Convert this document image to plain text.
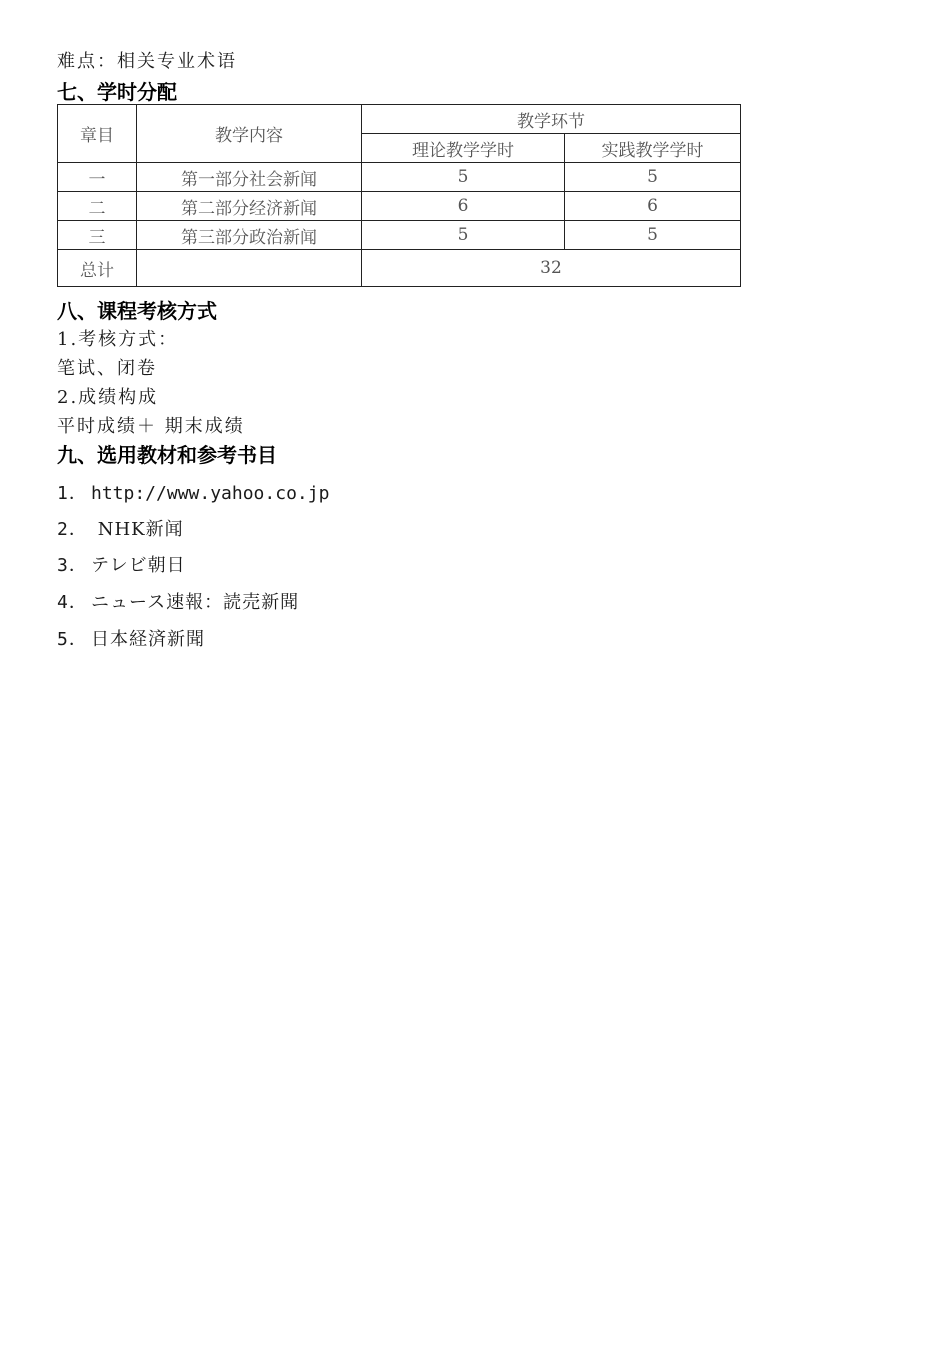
难点：相关专业术语
七、学时分配
章目	教学内容	教学环节	
		理论教学学时	实践教学学时
一	第一部分社会新闻	5	5
二	第二部分经济新闻	6	6
三	第三部分政治新闻	5	5
总计		32	
八、课程考核方式
1.考核方式：
笔试、闭卷
2.成绩构成
平时成绩＋ 期末成绩
九、选用教材和参考书目
1． http://www.yahoo.co.jp
2． NHK新闻
3． テレビ朝日
4． ニュース速報：読売新聞
5． 日本経済新聞
